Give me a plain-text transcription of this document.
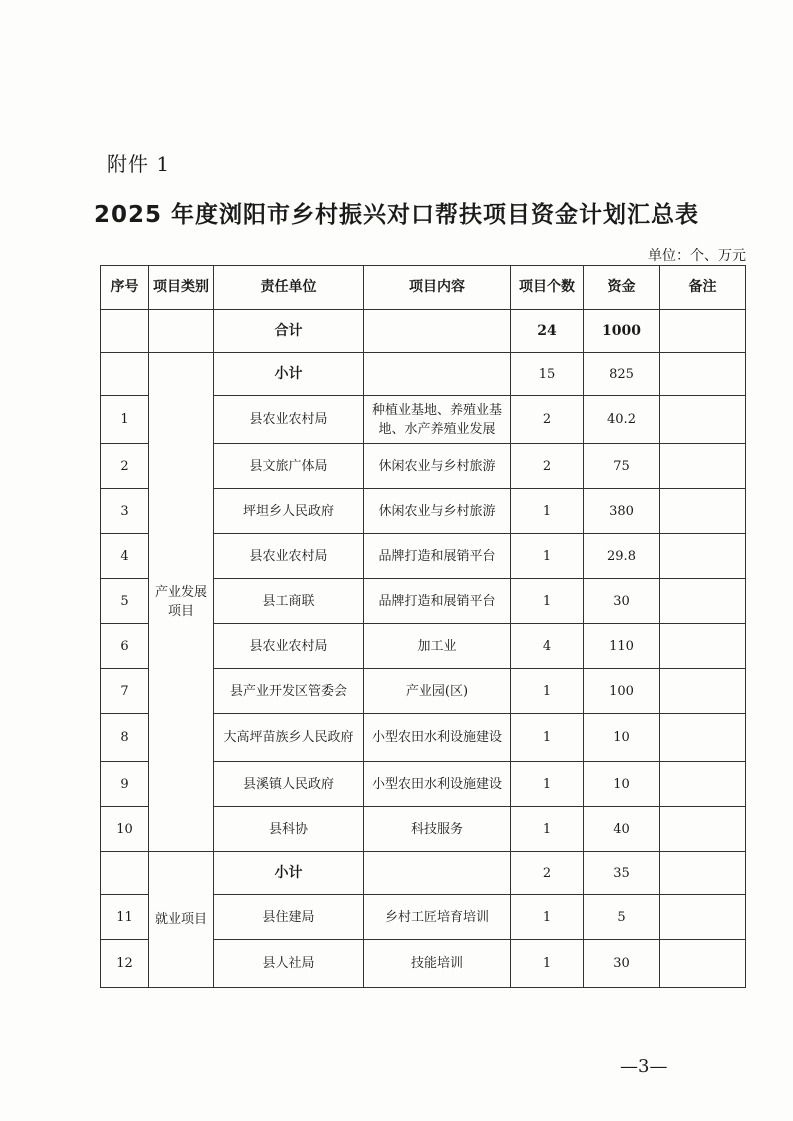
附件 1
2025 年度浏阳市乡村振兴对口帮扶项目资金计划汇总表
单位：个、万元
序号	项目类别	责任单位	项目内容	项目个数	资金	备注
		合计		24	1000	
	产业发展项目	小计		15	825	
1		县农业农村局	种植业基地、养殖业基地、水产养殖业发展	2	40.2	
2		县文旅广体局	休闲农业与乡村旅游	2	75	
3		坪坦乡人民政府	休闲农业与乡村旅游	1	380	
4		县农业农村局	品牌打造和展销平台	1	29.8	
5		县工商联	品牌打造和展销平台	1	30	
6		县农业农村局	加工业	4	110	
7		县产业开发区管委会	产业园(区)	1	100	
8		大高坪苗族乡人民政府	小型农田水利设施建设	1	10	
9		县溪镇人民政府	小型农田水利设施建设	1	10	
10		县科协	科技服务	1	40	
	就业项目	小计		2	35	
11		县住建局	乡村工匠培育培训	1	5	
12		县人社局	技能培训	1	30	
—3—
